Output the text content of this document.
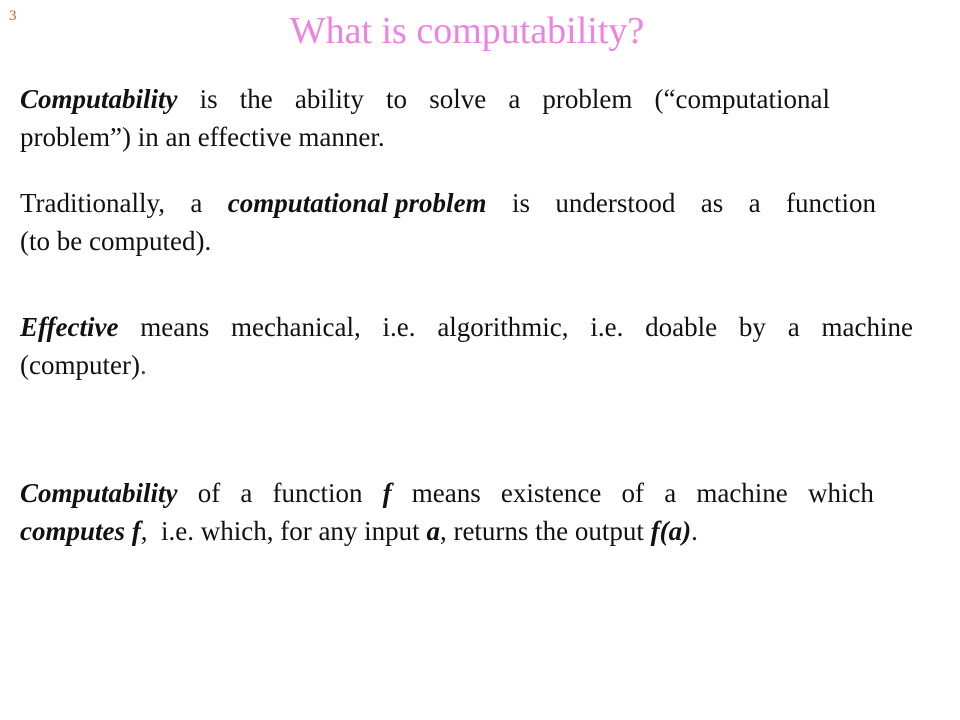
3	What is computability?
Computability is the ability to solve a problem (“computational
problem”) in an effective manner.
Traditionally, a computational problem is understood as a function
(to be computed).
Effective means mechanical, i.e. algorithmic, i.e. doable by a machine
(computer).
Computability of a function f means existence of a machine which
computes f,  i.e. which, for any input a, returns the output f(a).
